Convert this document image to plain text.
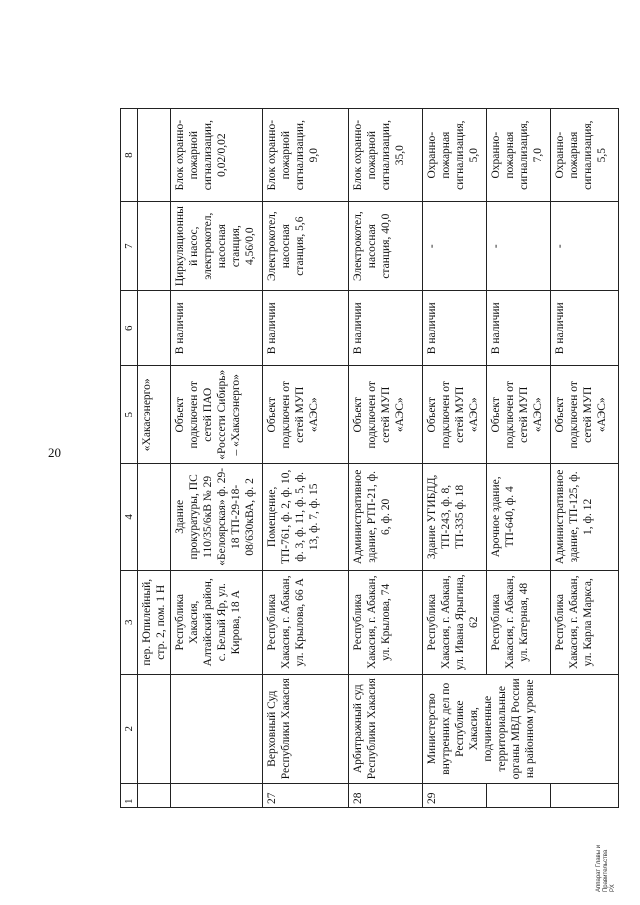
20
1	2	3	4	5	6	7	8
		пер. Юпилейный, стр. 2, пом. 1 Н		«Хакасэнерго»			
		Республика Хакасия, Алтайский район, с. Белый Яр, ул. Кирова, 18 А	Здание прокуратуры, ПС 110/35/6кВ № 29 «Белоярская» ф. 29-18 ТП-29-18-08/630кВА, ф. 2	Объект подключен от сетей ПАО «Россети Сибирь» – «Хакасэнерго»	В наличии	Циркуляционный насос, электрокотел, насосная станция, 4,56/0,0	Блок охранно-пожарной сигнализации, 0,02/0,02
27	Верховный Суд Республики Хакасия	Республика Хакасия, г. Абакан, ул. Крылова, 66 А	Помещение, ТП-761, ф. 2, ф. 10, ф. 3, ф. 11, ф. 5, ф. 13, ф. 7, ф. 15	Объект подключен от сетей МУП «АЭС»	В наличии	Электрокотел, насосная станция, 5,6	Блок охранно-пожарной сигнализации, 9,0
28	Арбитражный суд Республики Хакасия	Республика Хакасия, г. Абакан, ул. Крылова, 74	Административное здание, РТП-21, ф. 6, ф. 20	Объект подключен от сетей МУП «АЭС»	В наличии	Электрокотел, насосная станция, 40,0	Блок охранно-пожарной сигнализации, 35,0
29	Министерство внутренних дел по Республике Хакасия, подчиненные территориальные органы МВД России на районном уровне	Республика Хакасия, г. Абакан, ул. Ивана Ярыгина, 62	Здание УГИБДД, ТП-243, ф. 8, ТП-335 ф. 18	Объект подключен от сетей МУП «АЭС»	В наличии	-	Охранно-пожарная сигнализация, 5,0
		Республика Хакасия, г. Абакан, ул. Катерная, 48	Арочное здание, ТП-640, ф. 4	Объект подключен от сетей МУП «АЭС»	В наличии	-	Охранно-пожарная сигнализация, 7,0
		Республика Хакасия, г. Абакан, ул. Карла Маркса,	Административное здание, ТП-125, ф. 1, ф. 12	Объект подключен от сетей МУП «АЭС»	В наличии	-	Охранно-пожарная сигнализация, 5,5
Аппарат Главы и Правительства РХ
